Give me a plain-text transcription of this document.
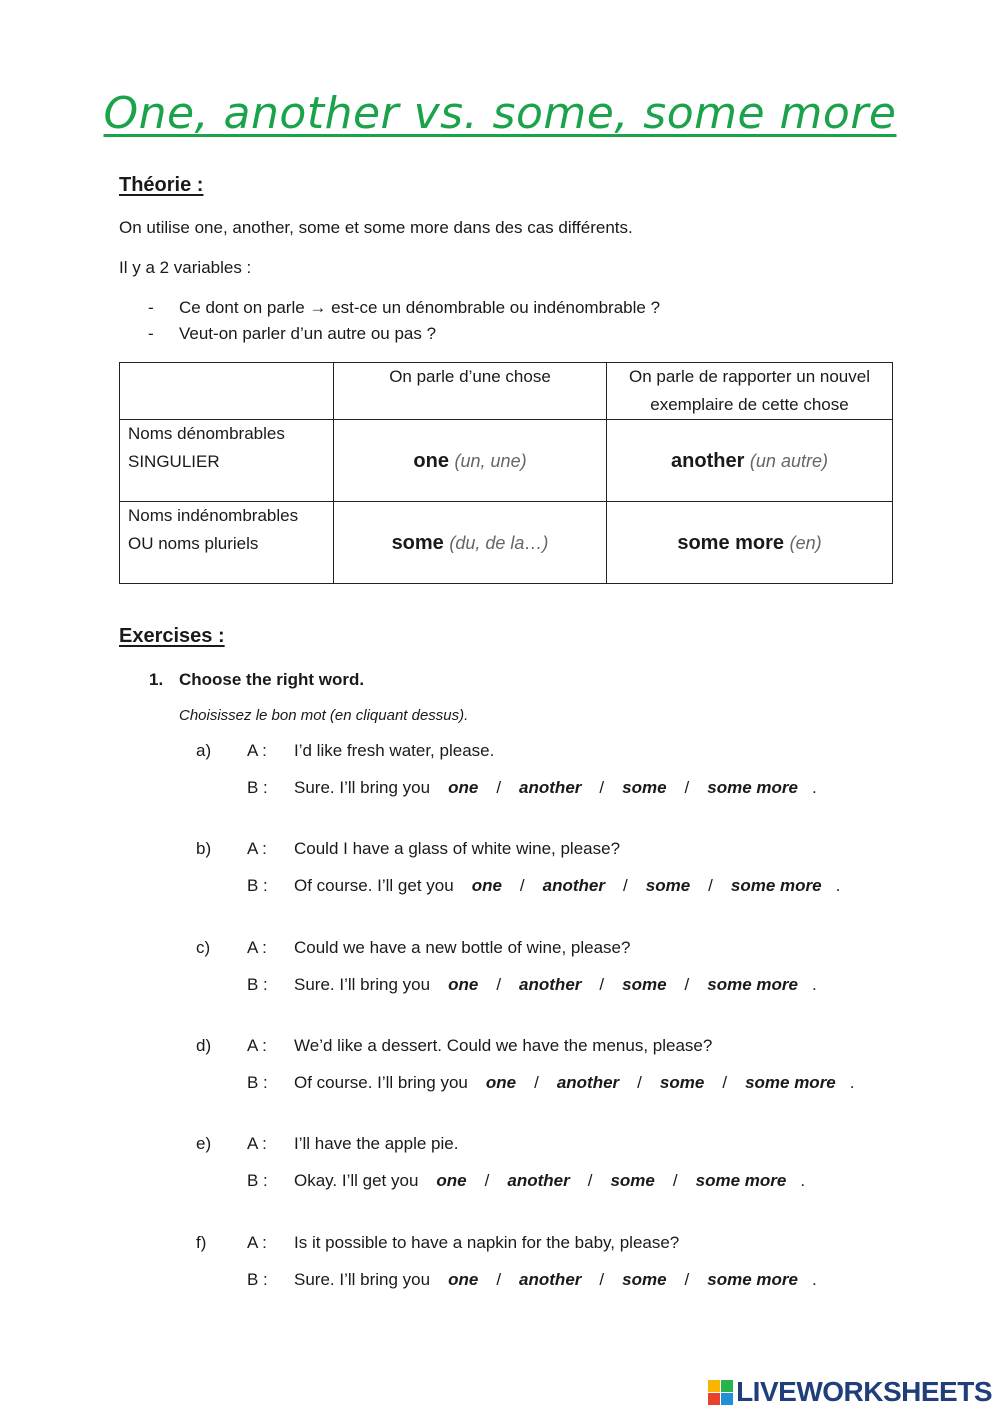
One, another vs. some, some more
Théorie :
On utilise one, another, some et some more dans des cas différents.
Il y a 2 variables :
- Ce dont on parle → est-ce un dénombrable ou indénombrable ?
- Veut-on parler d’un autre ou pas ?
	On parle d’une chose	On parle de rapporter un nouvel exemplaire de cette chose

Noms dénombrables
SINGULIER	one (un, une)	another (un autre)

Noms indénombrables
OU noms pluriels	some (du, de la…)	some more (en)
Exercises :
1. Choose the right word.
Choisissez le bon mot (en cliquant dessus).
a) A : I’d like fresh water, please.
B : Sure. I’ll bring you one / another / some / some more .
b) A : Could I have a glass of white wine, please?
B : Of course. I’ll get you one / another / some / some more .
c) A : Could we have a new bottle of wine, please?
B : Sure. I’ll bring you one / another / some / some more .
d) A : We’d like a dessert. Could we have the menus, please?
B : Of course. I’ll bring you one / another / some / some more .
e) A : I’ll have the apple pie.
B : Okay. I’ll get you one / another / some / some more .
f) A : Is it possible to have a napkin for the baby, please?
B : Sure. I’ll bring you one / another / some / some more .
LIVEWORKSHEETS
